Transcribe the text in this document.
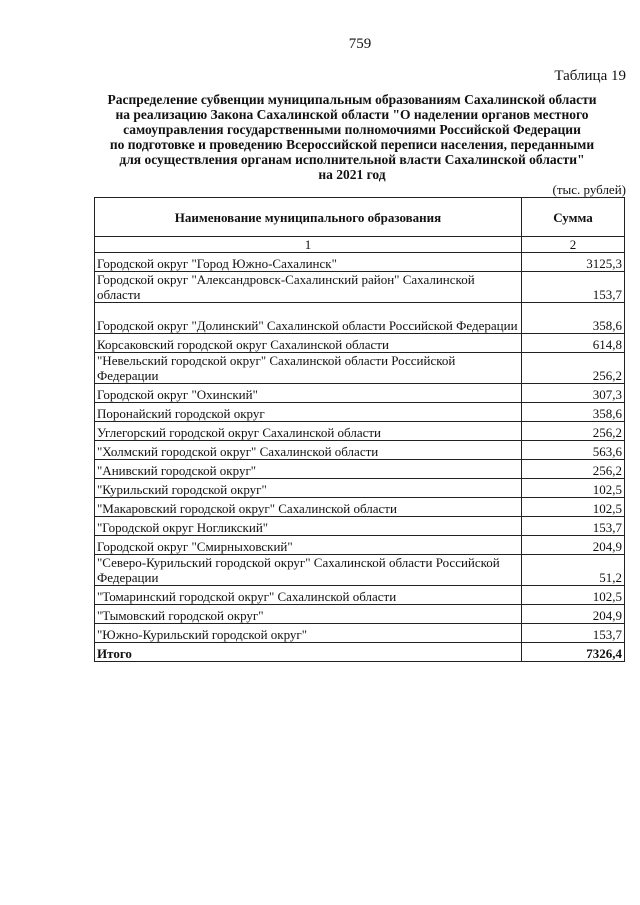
759
Таблица 19
Распределение субвенции муниципальным образованиям Сахалинской области
на реализацию Закона Сахалинской области "О наделении органов местного
самоуправления государственными полномочиями Российской Федерации
по подготовке и проведению Всероссийской переписи населения, переданными
для осуществления органам исполнительной власти Сахалинской области"
на 2021 год
(тыс. рублей)
Наименование муниципального образования	Сумма
1	2
Городской округ "Город Южно-Сахалинск"	3125,3
Городской округ "Александровск-Сахалинский район" Сахалинской области	153,7
Городской округ "Долинский" Сахалинской области Российской Федерации	358,6
Корсаковский городской округ Сахалинской области	614,8
"Невельский городской округ" Сахалинской области Российской Федерации	256,2
Городской округ "Охинский"	307,3
Поронайский городской округ	358,6
Углегорский городской округ Сахалинской области	256,2
"Холмский городской округ" Сахалинской области	563,6
"Анивский городской округ"	256,2
"Курильский городской округ"	102,5
"Макаровский городской округ" Сахалинской области	102,5
"Городской округ Ногликский"	153,7
Городской округ "Смирныховский"	204,9
"Северо-Курильский городской округ" Сахалинской области Российской Федерации	51,2
"Томаринский городской округ" Сахалинской области	102,5
"Тымовский городской округ"	204,9
"Южно-Курильский городской округ"	153,7
Итого	7326,4
